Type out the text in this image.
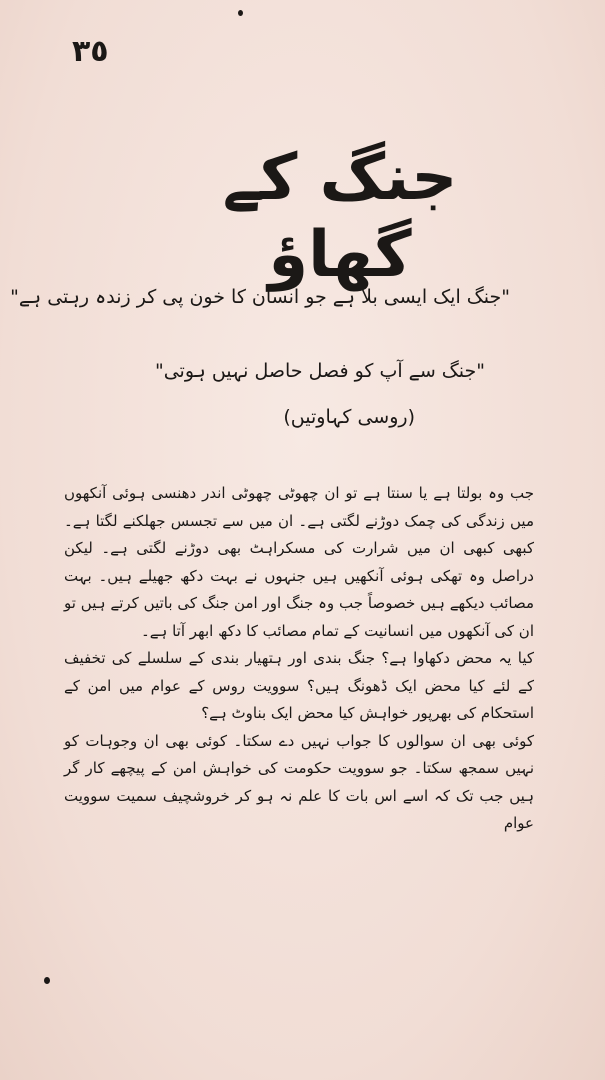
٣٥
جنگ کے گھاؤ
"جنگ ایک ایسی بلا ہے جو انسان کا خون پی کر زندہ رہتی ہے"
"جنگ سے آپ کو فصل حاصل نہیں ہوتی"
(روسی کہاوتیں)

جب وہ بولتا ہے یا سنتا ہے تو ان چھوٹی چھوٹی اندر دھنسی ہوئی آنکھوں میں زندگی کی چمک دوڑنے لگتی ہے۔ ان میں سے تجسس جھلکنے لگتا ہے۔ کبھی کبھی ان میں شرارت کی مسکراہٹ بھی دوڑنے لگتی ہے۔ لیکن دراصل وہ تھکی ہوئی آنکھیں ہیں جنہوں نے بہت دکھ جھیلے ہیں۔ بہت مصائب دیکھے ہیں خصوصاً جب وہ جنگ اور امن جنگ کی باتیں کرتے ہیں تو ان کی آنکھوں میں انسانیت کے تمام مصائب کا دکھ ابھر آتا ہے۔

کیا یہ محض دکھاوا ہے؟ جنگ بندی اور ہتھیار بندی کے سلسلے کی تخفیف کے لئے کیا محض ایک ڈھونگ ہیں؟ سوویت روس کے عوام میں امن کے استحکام کی بھرپور خواہش کیا محض ایک بناوٹ ہے؟

کوئی بھی ان سوالوں کا جواب نہیں دے سکتا۔ کوئی بھی ان وجوہات کو نہیں سمجھ سکتا۔ جو سوویت حکومت کی خواہش امن کے پیچھے کار گر ہیں جب تک کہ اسے اس بات کا علم نہ ہو کر خروشچیف سمیت سوویت عوام
